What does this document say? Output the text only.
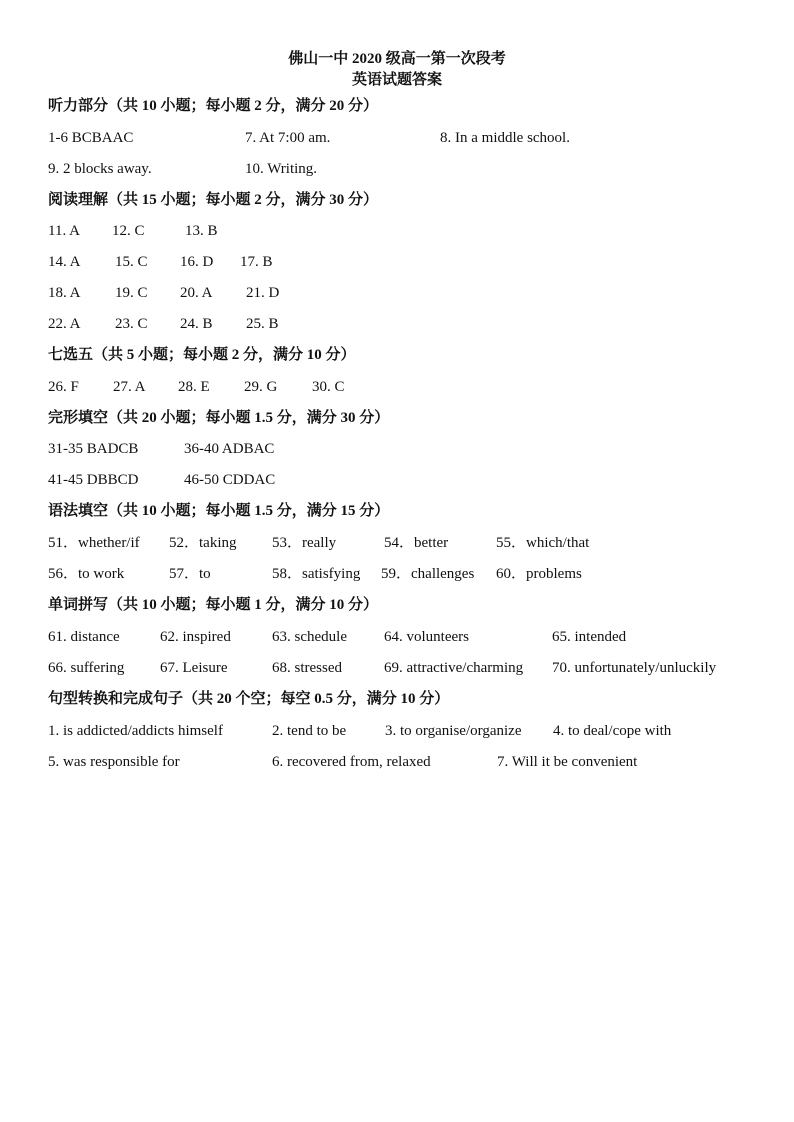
佛山一中 2020 级高一第一次段考
英语试题答案
听力部分（共 10 小题；每小题 2 分，满分 20 分）
1-6 BCBAAC	7. At 7:00 am.	8. In a middle school.
9. 2 blocks away.	10. Writing.
阅读理解（共 15 小题；每小题 2 分，满分 30 分）
11. A 12. C	13. B
14. A 15. C 16. D 17. B
18. A 19. C 20. A 21. D
22. A 23. C 24. B 25. B
七选五（共 5 小题；每小题 2 分，满分 10 分）
26. F 27. A 28. E 29. G 30. C
完形填空（共 20 小题；每小题 1.5 分，满分 30 分）
31-35 BADCB	36-40 ADBAC
41-45 DBBCD	46-50 CDDAC
语法填空（共 10 小题；每小题 1.5 分，满分 15 分）
51．whether/if 52．taking 53．really	54．better	55．which/that
56．to work	57．to	58．satisfying 59．challenges 60．problems
单词拼写（共 10 小题；每小题 1 分，满分 10 分）
61. distance	62. inspired	63. schedule 64. volunteers	65. intended
66. suffering 67. Leisure	68. stressed	69. attractive/charming 70. unfortunately/unluckily
句型转换和完成句子（共 20 个空；每空 0.5 分，满分 10 分）
1. is addicted/addicts himself	2. tend to be	3. to organise/organize 4. to deal/cope with
5. was responsible for	6. recovered from, relaxed	7. Will it be convenient
